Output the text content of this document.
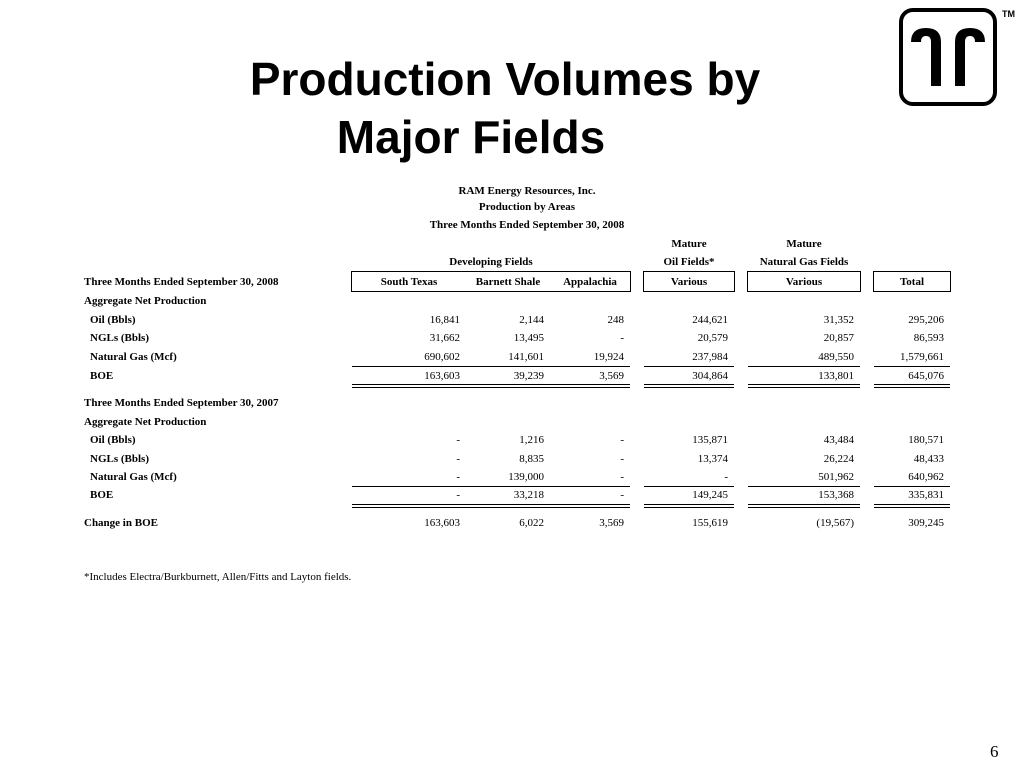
Production Volumes by
Major Fields
TM
RAM Energy Resources, Inc.
Production by Areas
Three Months Ended September 30, 2008
Mature
Oil Fields*
Mature
Natural Gas Fields
Developing Fields
Three Months Ended September 30, 2008	South Texas	Barnett Shale	Appalachia	Various	Various	Total
Aggregate Net Production
Oil (Bbls)	16,841	2,144	248	244,621	31,352	295,206
NGLs (Bbls)	31,662	13,495	-	20,579	20,857	86,593
Natural Gas (Mcf)	690,602	141,601	19,924	237,984	489,550	1,579,661
BOE	163,603	39,239	3,569	304,864	133,801	645,076
Three Months Ended September 30, 2007
Aggregate Net Production
Oil (Bbls)	-	1,216	-	135,871	43,484	180,571
NGLs (Bbls)	-	8,835	-	13,374	26,224	48,433
Natural Gas (Mcf)	-	139,000	-	-	501,962	640,962
BOE	-	33,218	-	149,245	153,368	335,831
Change in BOE	163,603	6,022	3,569	155,619	(19,567)	309,245
*Includes Electra/Burkburnett, Allen/Fitts and Layton fields.
6
